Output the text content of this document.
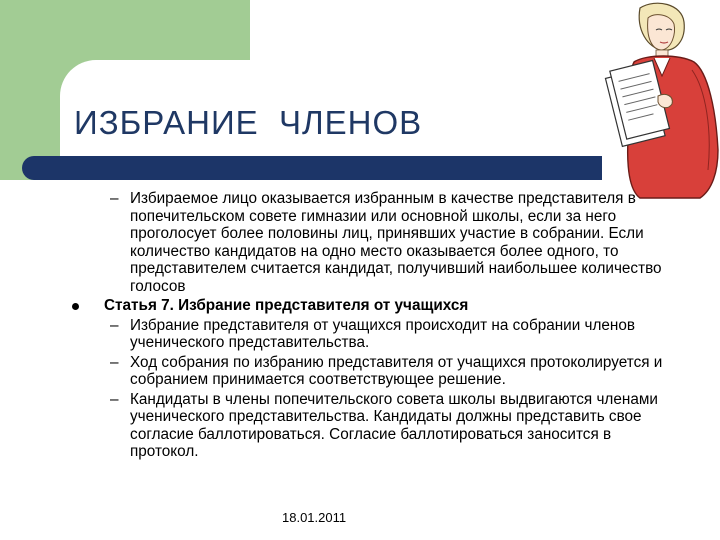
ИЗБРАНИЕ  ЧЛЕНОВ
– Избираемое лицо оказывается избранным в качестве представителя в попечительском совете гимназии или основной школы, если за него проголосует более половины лиц, принявших участие в собрании. Если количество кандидатов на одно место оказывается более одного, то представителем считается кандидат, получивший наибольшее количество голосов
Статья 7. Избрание представителя от учащихся
– Избрание представителя от учащихся происходит на собрании членов ученического представительства.
– Ход собрания по избранию представителя от учащихся протоколируется и собранием принимается соответствующее решение.
– Кандидаты в члены попечительского совета школы выдвигаются членами ученического представительства. Кандидаты должны представить свое согласие баллотироваться. Согласие баллотироваться заносится в протокол.
18.01.2011
